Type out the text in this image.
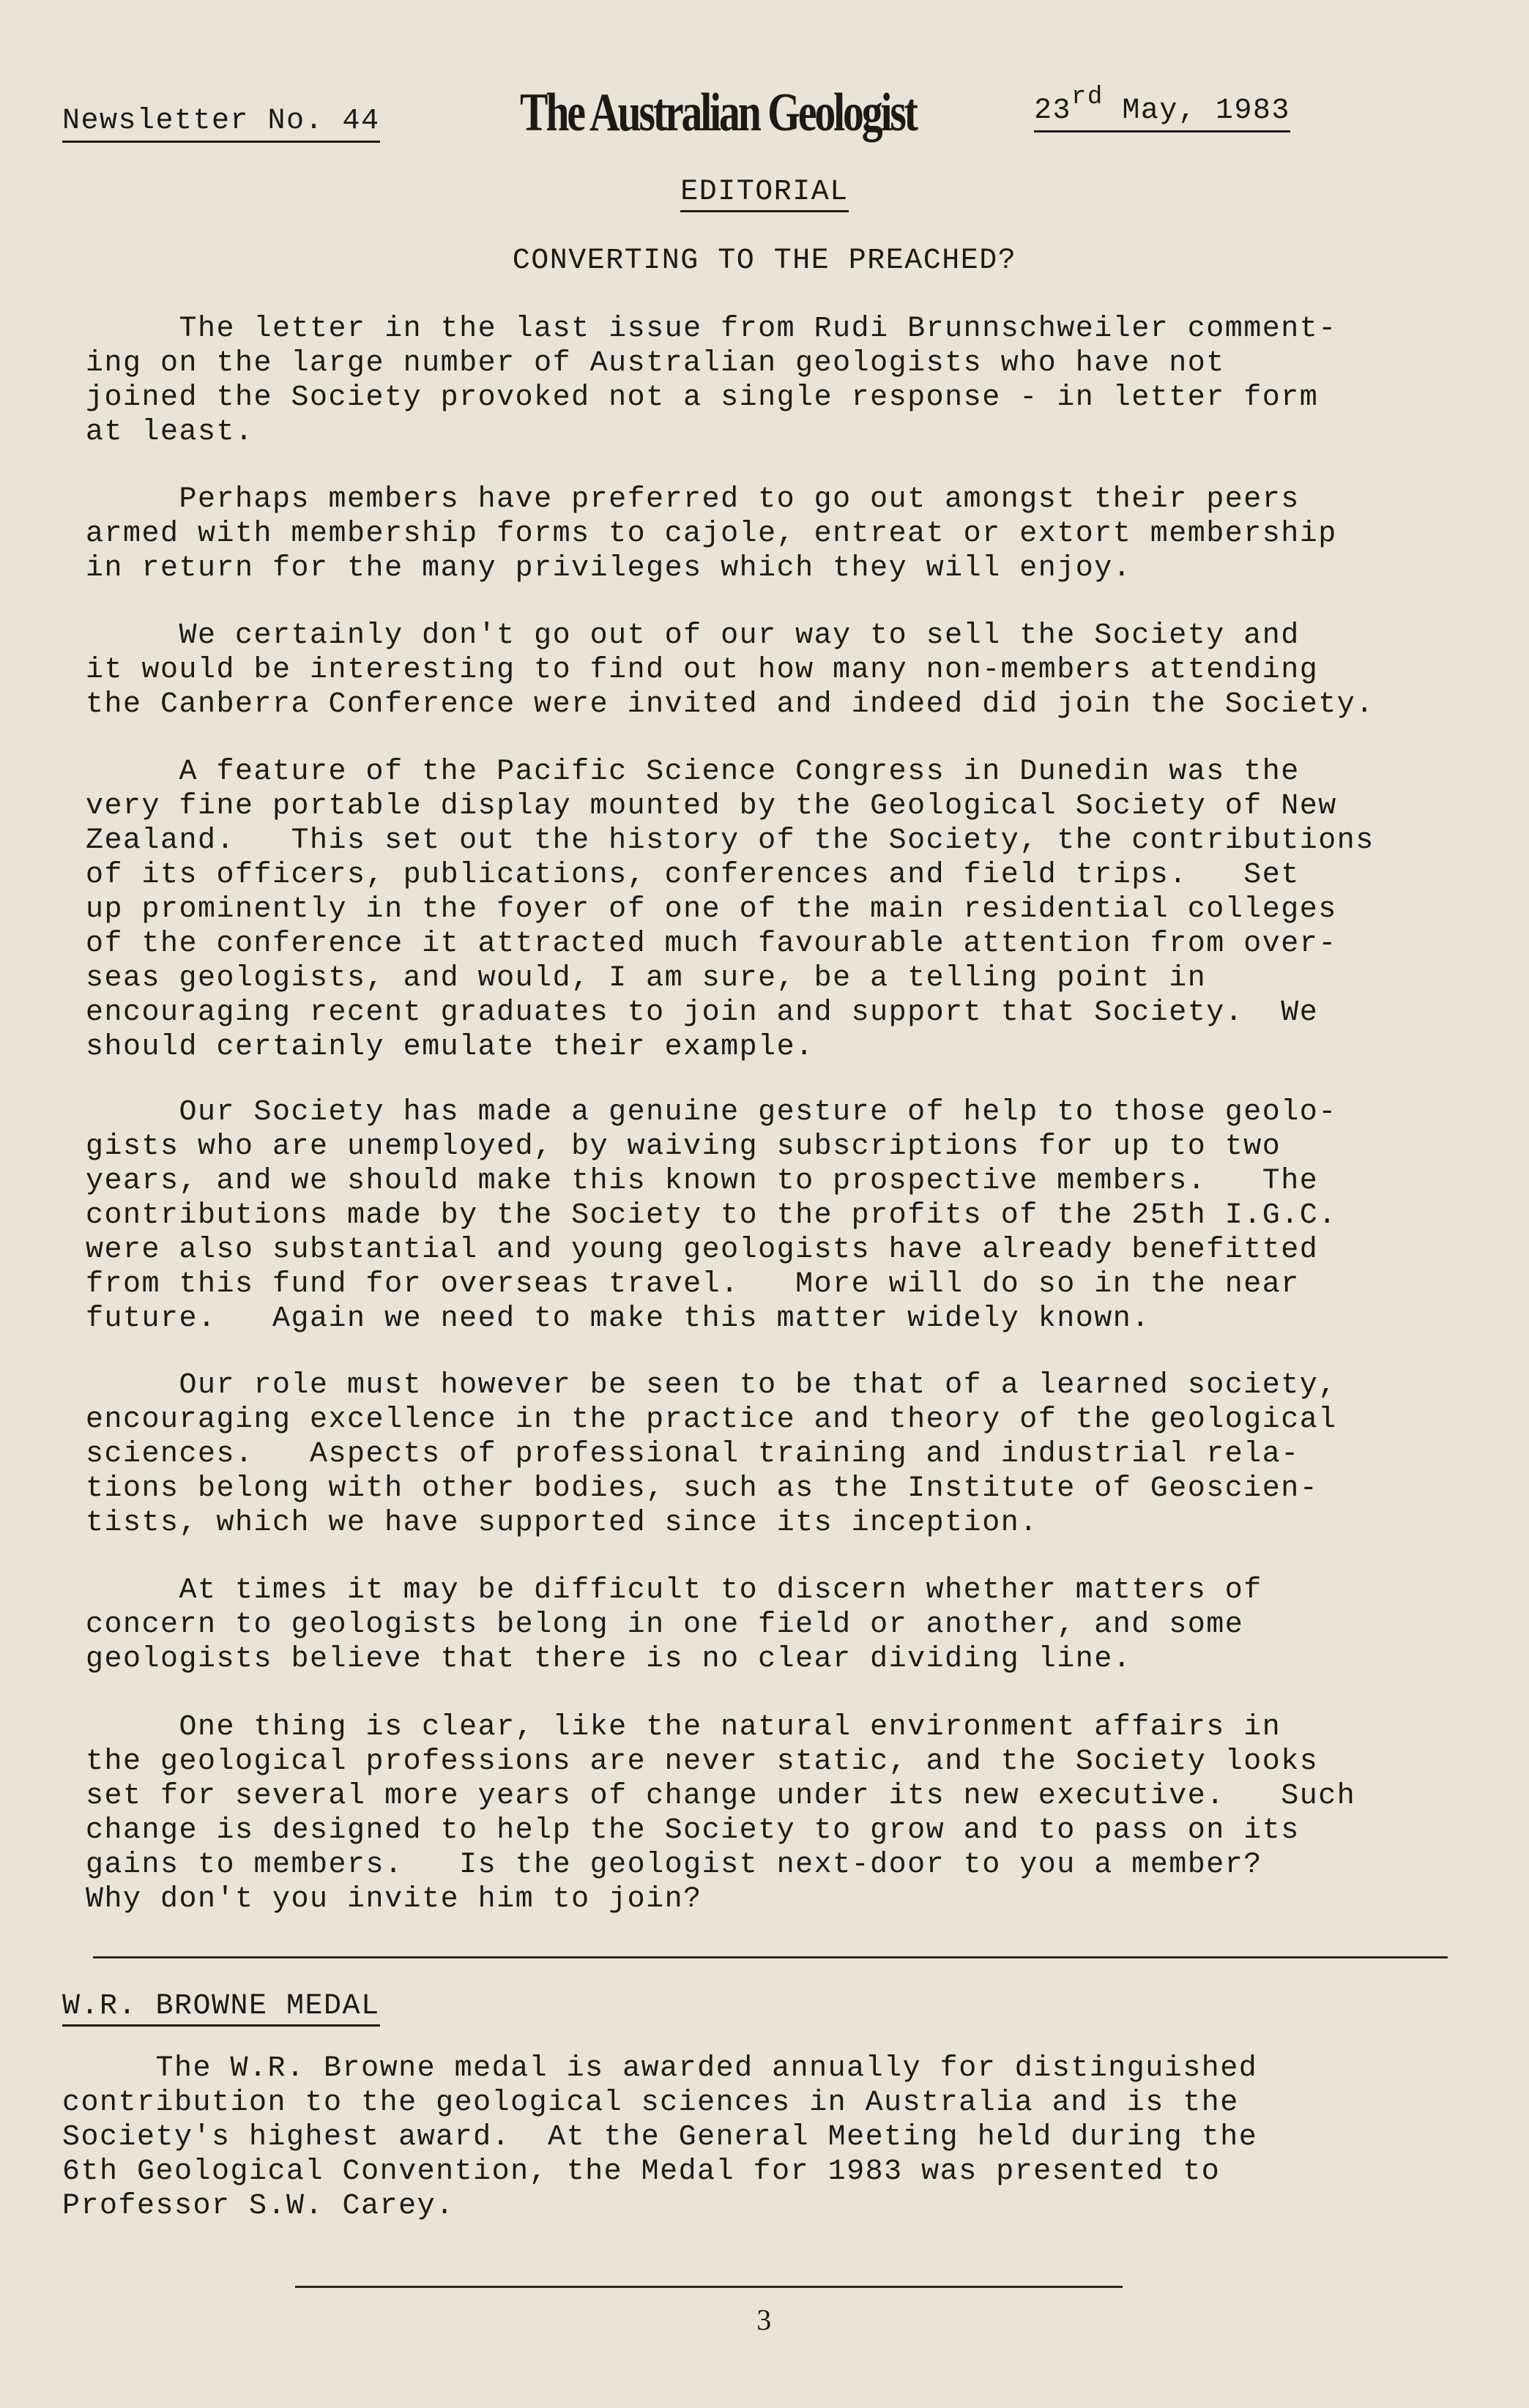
Newsletter No. 44	The Australian Geologist	23rd May, 1983
EDITORIAL
CONVERTING TO THE PREACHED?
The letter in the last issue from Rudi Brunnschweiler comment-
ing on the large number of Australian geologists who have not
joined the Society provoked not a single response - in letter form
at least.
Perhaps members have preferred to go out amongst their peers
armed with membership forms to cajole, entreat or extort membership
in return for the many privileges which they will enjoy.
We certainly don't go out of our way to sell the Society and
it would be interesting to find out how many non-members attending
the Canberra Conference were invited and indeed did join the Society.
A feature of the Pacific Science Congress in Dunedin was the
very fine portable display mounted by the Geological Society of New
Zealand.   This set out the history of the Society, the contributions
of its officers, publications, conferences and field trips.   Set
up prominently in the foyer of one of the main residential colleges
of the conference it attracted much favourable attention from over-
seas geologists, and would, I am sure, be a telling point in
encouraging recent graduates to join and support that Society.  We
should certainly emulate their example.
Our Society has made a genuine gesture of help to those geolo-
gists who are unemployed, by waiving subscriptions for up to two
years, and we should make this known to prospective members.   The
contributions made by the Society to the profits of the 25th I.G.C.
were also substantial and young geologists have already benefitted
from this fund for overseas travel.   More will do so in the near
future.   Again we need to make this matter widely known.
Our role must however be seen to be that of a learned society,
encouraging excellence in the practice and theory of the geological
sciences.   Aspects of professional training and industrial rela-
tions belong with other bodies, such as the Institute of Geoscien-
tists, which we have supported since its inception.
At times it may be difficult to discern whether matters of
concern to geologists belong in one field or another, and some
geologists believe that there is no clear dividing line.
One thing is clear, like the natural environment affairs in
the geological professions are never static, and the Society looks
set for several more years of change under its new executive.   Such
change is designed to help the Society to grow and to pass on its
gains to members.   Is the geologist next-door to you a member?
Why don't you invite him to join?
W.R. BROWNE MEDAL
The W.R. Browne medal is awarded annually for distinguished
contribution to the geological sciences in Australia and is the
Society's highest award.  At the General Meeting held during the
6th Geological Convention, the Medal for 1983 was presented to
Professor S.W. Carey.
3
